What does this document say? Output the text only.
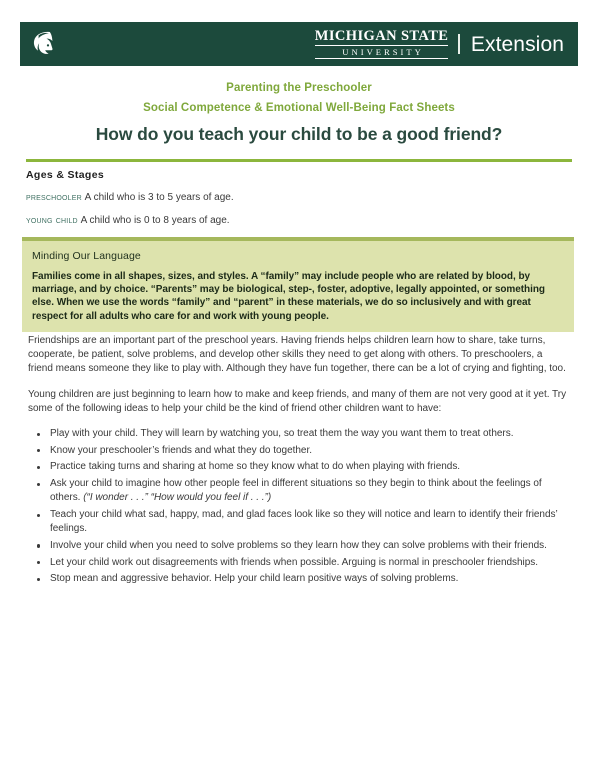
MICHIGAN STATE
UNIVERSITY	Extension
Parenting the Preschooler
Social Competence & Emotional Well-Being Fact Sheets
How do you teach your child to be a good friend?
Ages & Stages
preschooler A child who is 3 to 5 years of age.
young child A child who is 0 to 8 years of age.
Minding Our Language
Families come in all shapes, sizes, and styles. A “family” may include people who are related by blood, by marriage, and by choice. “Parents” may be biological, step-, foster, adoptive, legally appointed, or something else. When we use the words “family” and “parent” in these materials, we do so inclusively and with great respect for all adults who care for and work with young people.
Friendships are an important part of the preschool years. Having friends helps children learn how to share, take turns, cooperate, be patient, solve problems, and develop other skills they need to get along with others. To preschoolers, a friend means someone they like to play with. Although they have fun together, there can be a lot of crying and fighting, too.
Young children are just beginning to learn how to make and keep friends, and many of them are not very good at it yet. Try some of the following ideas to help your child be the kind of friend other children want to have:
Play with your child. They will learn by watching you, so treat them the way you want them to treat others.
Know your preschooler’s friends and what they do together.
Practice taking turns and sharing at home so they know what to do when playing with friends.
Ask your child to imagine how other people feel in different situations so they begin to think about the feelings of others. (“I wonder . . .” “How would you feel if . . .”)
Teach your child what sad, happy, mad, and glad faces look like so they will notice and learn to identify their friends’ feelings.
Involve your child when you need to solve problems so they learn how they can solve problems with their friends.
Let your child work out disagreements with friends when possible. Arguing is normal in preschooler friendships.
Stop mean and aggressive behavior. Help your child learn positive ways of solving problems.
